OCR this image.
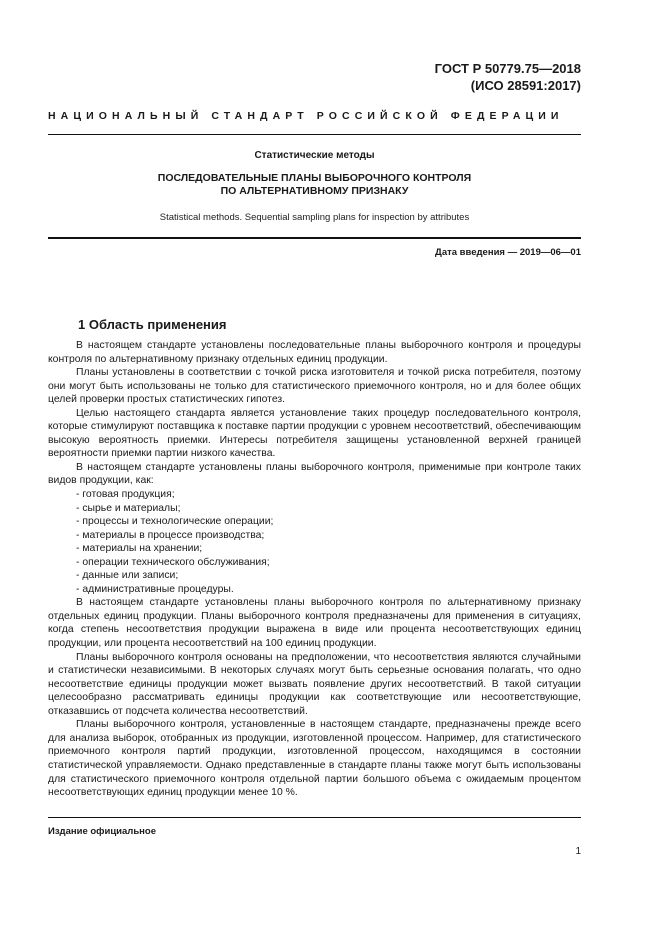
ГОСТ Р 50779.75—2018
(ИСО 28591:2017)
НАЦИОНАЛЬНЫЙ СТАНДАРТ РОССИЙСКОЙ ФЕДЕРАЦИИ
Статистические методы
ПОСЛЕДОВАТЕЛЬНЫЕ ПЛАНЫ ВЫБОРОЧНОГО КОНТРОЛЯ
ПО АЛЬТЕРНАТИВНОМУ ПРИЗНАКУ
Statistical methods. Sequential sampling plans for inspection by attributes
Дата введения — 2019—06—01
1 Область применения

В настоящем стандарте установлены последовательные планы выборочного контроля и процедуры контроля по альтернативному признаку отдельных единиц продукции.

Планы установлены в соответствии с точкой риска изготовителя и точкой риска потребителя, поэтому они могут быть использованы не только для статистического приемочного контроля, но и для более общих целей проверки простых статистических гипотез.

Целью настоящего стандарта является установление таких процедур последовательного контроля, которые стимулируют поставщика к поставке партии продукции с уровнем несоответствий, обеспечивающим высокую вероятность приемки. Интересы потребителя защищены установленной верхней границей вероятности приемки партии низкого качества.

В настоящем стандарте установлены планы выборочного контроля, применимые при контроле таких видов продукции, как:

- готовая продукция;

- сырье и материалы;

- процессы и технологические операции;

- материалы в процессе производства;

- материалы на хранении;

- операции технического обслуживания;

- данные или записи;

- административные процедуры.

В настоящем стандарте установлены планы выборочного контроля по альтернативному признаку отдельных единиц продукции. Планы выборочного контроля предназначены для применения в ситуациях, когда степень несоответствия продукции выражена в виде или процента несоответствующих единиц продукции, или процента несоответствий на 100 единиц продукции.

Планы выборочного контроля основаны на предположении, что несоответствия являются случайными и статистически независимыми. В некоторых случаях могут быть серьезные основания полагать, что одно несоответствие единицы продукции может вызвать появление других несоответствий. В такой ситуации целесообразно рассматривать единицы продукции как соответствующие или несоответствующие, отказавшись от подсчета количества несоответствий.

Планы выборочного контроля, установленные в настоящем стандарте, предназначены прежде всего для анализа выборок, отобранных из продукции, изготовленной процессом. Например, для статистического приемочного контроля партий продукции, изготовленной процессом, находящимся в состоянии статистической управляемости. Однако представленные в стандарте планы также могут быть использованы для статистического приемочного контроля отдельной партии большого объема с ожидаемым процентом несоответствующих единиц продукции менее 10 %.

Издание официальное
1
